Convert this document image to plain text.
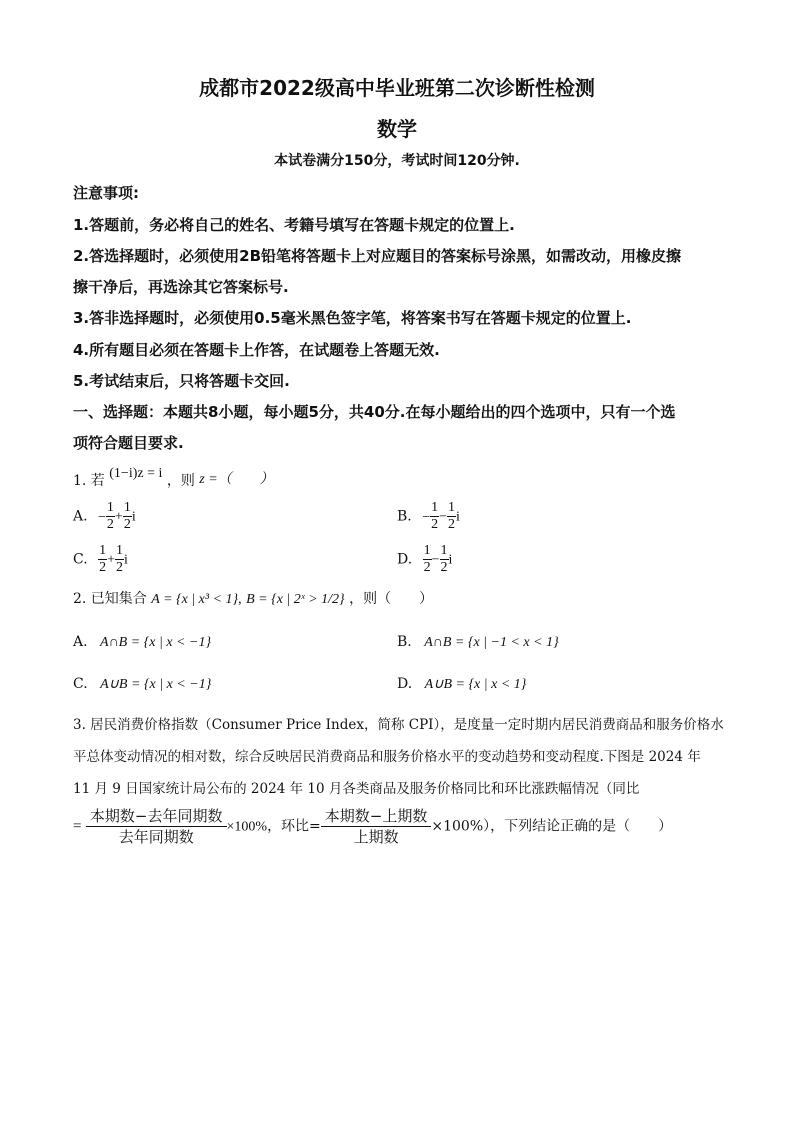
成都市2022级高中毕业班第二次诊断性检测
数学
本试卷满分150分，考试时间120分钟.
注意事项:
1.答题前，务必将自己的姓名、考籍号填写在答题卡规定的位置上.
2.答选择题时，必须使用2B铅笔将答题卡上对应题目的答案标号涂黑，如需改动，用橡皮擦
擦干净后，再选涂其它答案标号.
3.答非选择题时，必须使用0.5毫米黑色签字笔，将答案书写在答题卡规定的位置上.
4.所有题目必须在答题卡上作答，在试题卷上答题无效.
5.考试结束后，只将答题卡交回.
一、选择题：本题共8小题，每小题5分，共40分.在每小题给出的四个选项中，只有一个选
项符合题目要求.
1. 若 (1−i)z = i ，则 z =（　　）
A. − $\frac{1}{2} + \frac{1}{2}$ i	B. − $\frac{1}{2} - \frac{1}{2}$ i
C. $\frac{1}{2} + \frac{1}{2}$ i	D. $\frac{1}{2} - \frac{1}{2}$ i
2. 已知集合 A = {x | x³ < 1}, B = {x | 2ˣ > 1/2} ，则（　　）
A. A∩B = {x | x < −1}	B. A∩B = {x | −1 < x < 1}
C. A∪B = {x | x < −1}	D. A∪B = {x | x < 1}
3. 居民消费价格指数（Consumer Price Index，简称 CPI），是度量一定时期内居民消费商品和服务价格水
平总体变动情况的相对数，综合反映居民消费商品和服务价格水平的变动趋势和变动程度.下图是 2024 年
11 月 9 日国家统计局公布的 2024 年 10 月各类商品及服务价格同比和环比涨跌幅情况（同比
= $\frac{\text{本期数−去年同期数}}{\text{去年同期数}} \times 100\%$，环比= $\frac{\text{本期数−上期数}}{\text{上期数}} \times 100\%$），下列结论正确的是（　　）
